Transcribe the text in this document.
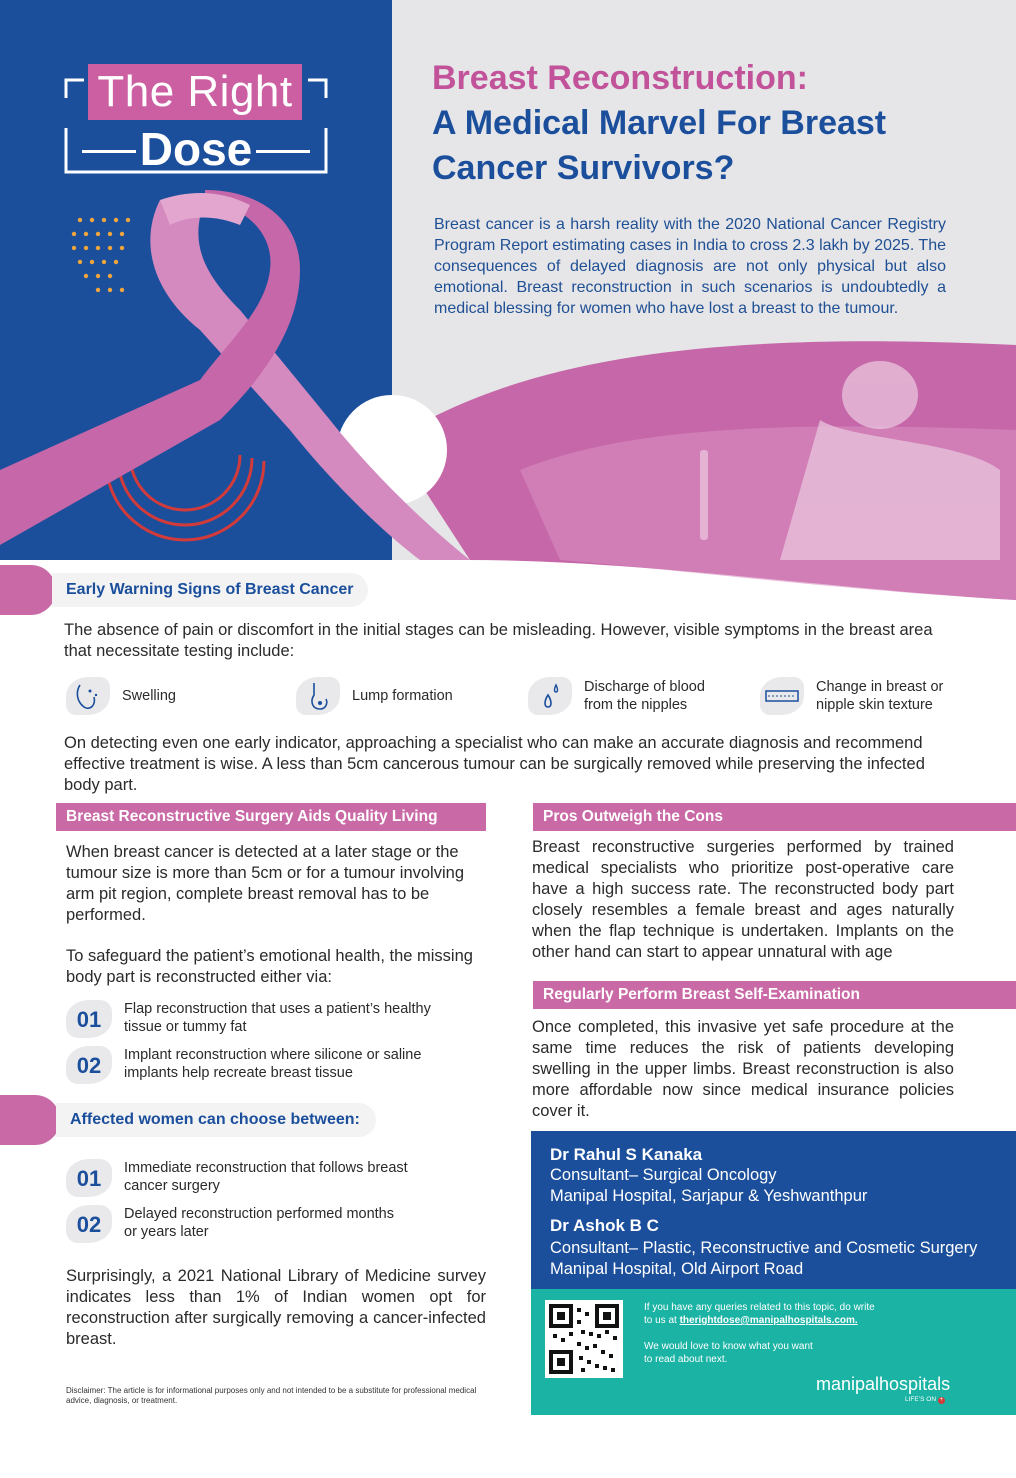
The Right
Dose
Breast Reconstruction:
A Medical Marvel For Breast
Cancer Survivors?
Breast cancer is a harsh reality with the 2020 National Cancer Registry Program Report estimating cases in India to cross 2.3 lakh by 2025. The consequences of delayed diagnosis are not only physical but also emotional. Breast reconstruction in such scenarios is undoubtedly a medical blessing for women who have lost a breast to the tumour.
Early Warning Signs of Breast Cancer
The absence of pain or discomfort in the initial stages can be misleading. However, visible symptoms in the breast area that necessitate testing include:
Swelling	Lump formation
Discharge of blood
from the nipples
Change in breast or
nipple skin texture
On detecting even one early indicator, approaching a specialist who can make an accurate diagnosis and recommend effective treatment is wise. A less than 5cm cancerous tumour can be surgically removed while preserving the infected body part.
Breast Reconstructive Surgery Aids Quality Living
When breast cancer is detected at a later stage or the tumour size is more than 5cm or for a tumour involving arm pit region, complete breast removal has to be performed.
To safeguard the patient’s emotional health, the missing body part is reconstructed either via:
01	Flap reconstruction that uses a patient’s healthy
tissue or tummy fat
02	Implant reconstruction where silicone or saline
implants help recreate breast tissue
Affected women can choose between:
01	Immediate reconstruction that follows breast
cancer surgery
02	Delayed reconstruction performed months
or years later
Surprisingly, a 2021 National Library of Medicine survey indicates less than 1% of Indian women opt for reconstruction after surgically removing a cancer-infected breast.
Disclaimer: The article is for informational purposes only and not intended to be a substitute for professional medical advice, diagnosis, or treatment.
Pros Outweigh the Cons
Breast reconstructive surgeries performed by trained medical specialists who prioritize post-operative care have a high success rate. The reconstructed body part closely resembles a female breast and ages naturally when the flap technique is undertaken. Implants on the other hand can start to appear unnatural with age
Regularly Perform Breast Self-Examination
Once completed, this invasive yet safe procedure at the same time reduces the risk of patients developing swelling in the upper limbs. Breast reconstruction is also more affordable now since medical insurance policies cover it.
Dr Rahul S Kanaka
Consultant– Surgical Oncology
Manipal Hospital, Sarjapur & Yeshwanthpur
Dr Ashok B C
Consultant– Plastic, Reconstructive and Cosmetic Surgery
Manipal Hospital, Old Airport Road
If you have any queries related to this topic, do write
to us at therightdose@manipalhospitals.com.
We would love to know what you want
to read about next.
manipalhospitals
LIFE’S ON +
